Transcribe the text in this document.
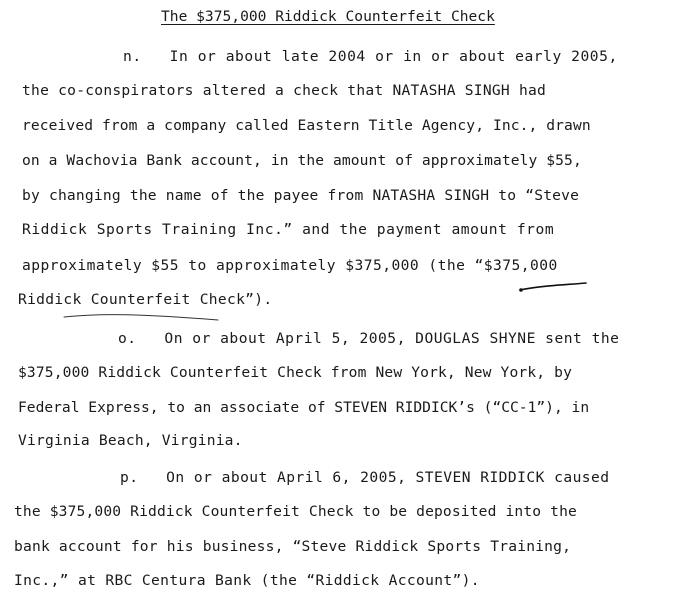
The $375,000 Riddick Counterfeit Check
n.   In or about late 2004 or in or about early 2005,
the co-conspirators altered a check that NATASHA SINGH had
received from a company called Eastern Title Agency, Inc., drawn
on a Wachovia Bank account, in the amount of approximately $55,
by changing the name of the payee from NATASHA SINGH to “Steve
Riddick Sports Training Inc.” and the payment amount from
approximately $55 to approximately $375,000 (the “$375,000
Riddick Counterfeit Check”).
o.   On or about April 5, 2005, DOUGLAS SHYNE sent the
$375,000 Riddick Counterfeit Check from New York, New York, by
Federal Express, to an associate of STEVEN RIDDICK’s (“CC-1”), in
Virginia Beach, Virginia.
p.   On or about April 6, 2005, STEVEN RIDDICK caused
the $375,000 Riddick Counterfeit Check to be deposited into the
bank account for his business, “Steve Riddick Sports Training,
Inc.,” at RBC Centura Bank (the “Riddick Account”).
